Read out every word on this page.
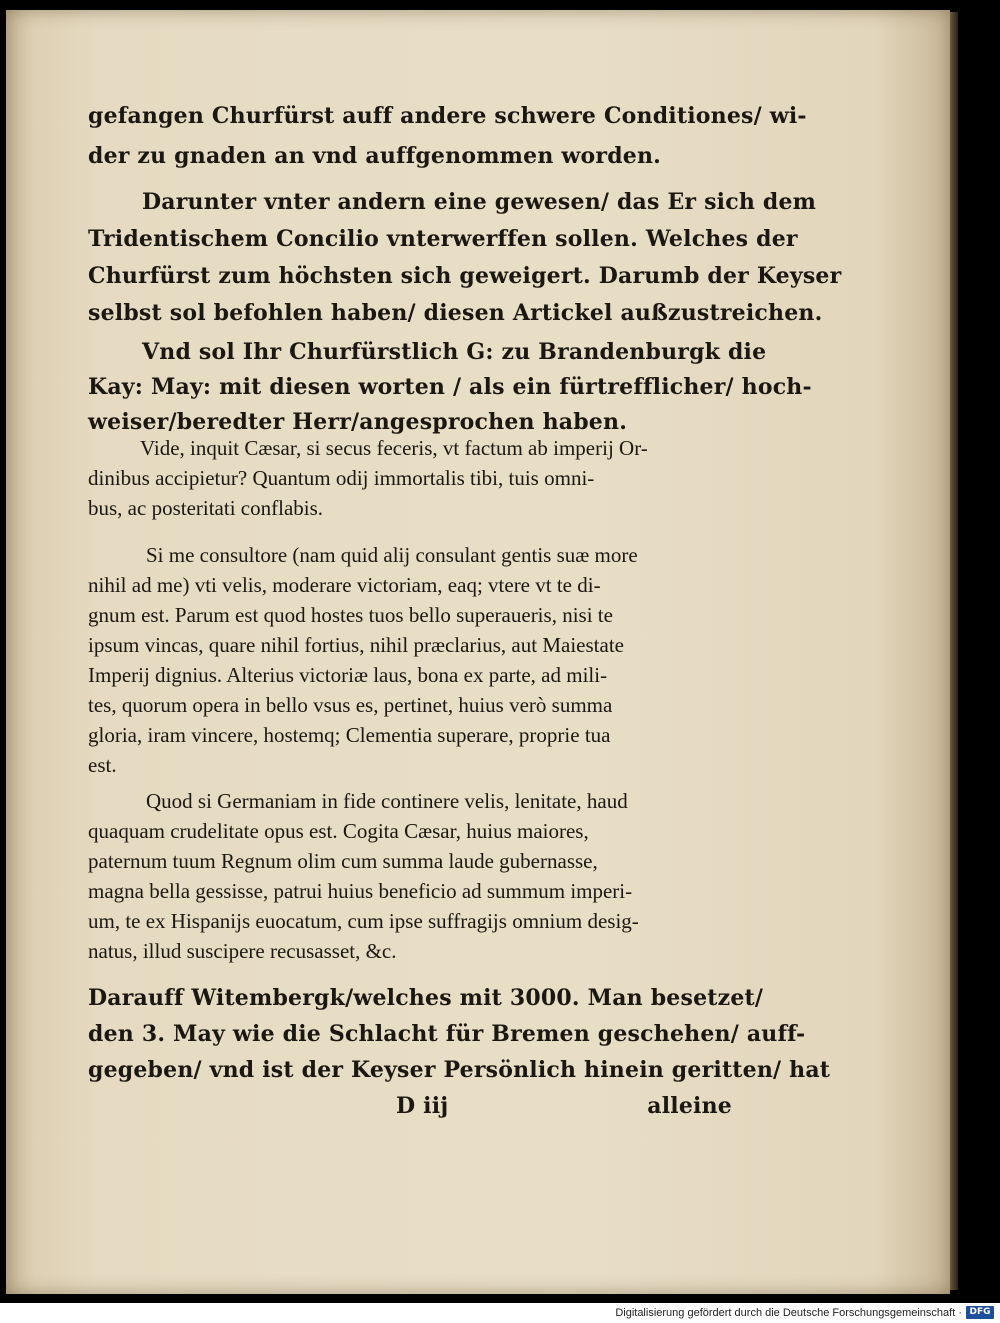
gefangen Churfürst auff andere schwere Conditiones/ wi-
der zu gnaden an vnd auffgenommen worden.
Darunter vnter andern eine gewesen/ das Er sich dem
Tridentischem Concilio vnterwerffen sollen. Welches der
Churfürst zum höchsten sich geweigert. Darumb der Keyser
selbst sol befohlen haben/ diesen Artickel außzustreichen.
Vnd sol Ihr Churfürstlich G: zu Brandenburgk die
Kay: May: mit diesen worten / als ein fürtrefflicher/ hoch-
weiser/beredter Herr/angesprochen haben.
Vide, inquit Cæsar, si secus feceris, vt factum ab imperij Or-
dinibus accipietur? Quantum odij immortalis tibi, tuis omni-
bus, ac posteritati conflabis.
Si me consultore (nam quid alij consulant gentis suæ more
nihil ad me) vti velis, moderare victoriam, eaq; vtere vt te di-
gnum est. Parum est quod hostes tuos bello superaueris, nisi te
ipsum vincas, quare nihil fortius, nihil præclarius, aut Maiestate
Imperij dignius. Alterius victoriæ laus, bona ex parte, ad mili-
tes, quorum opera in bello vsus es, pertinet, huius verò summa
gloria, iram vincere, hostemq; Clementia superare, proprie tua
est.
Quod si Germaniam in fide continere velis, lenitate, haud
quaquam crudelitate opus est. Cogita Cæsar, huius maiores,
paternum tuum Regnum olim cum summa laude gubernasse,
magna bella gessisse, patrui huius beneficio ad summum imperi-
um, te ex Hispanijs euocatum, cum ipse suffragijs omnium desig-
natus, illud suscipere recusasset, &c.
Darauff Witembergk/welches mit 3000. Man besetzet/
den 3. May wie die Schlacht für Bremen geschehen/ auff-
gegeben/ vnd ist der Keyser Persönlich hinein geritten/ hat
D iij	alleine
Digitalisierung gefördert durch die Deutsche Forschungsgemeinschaft · DFG
